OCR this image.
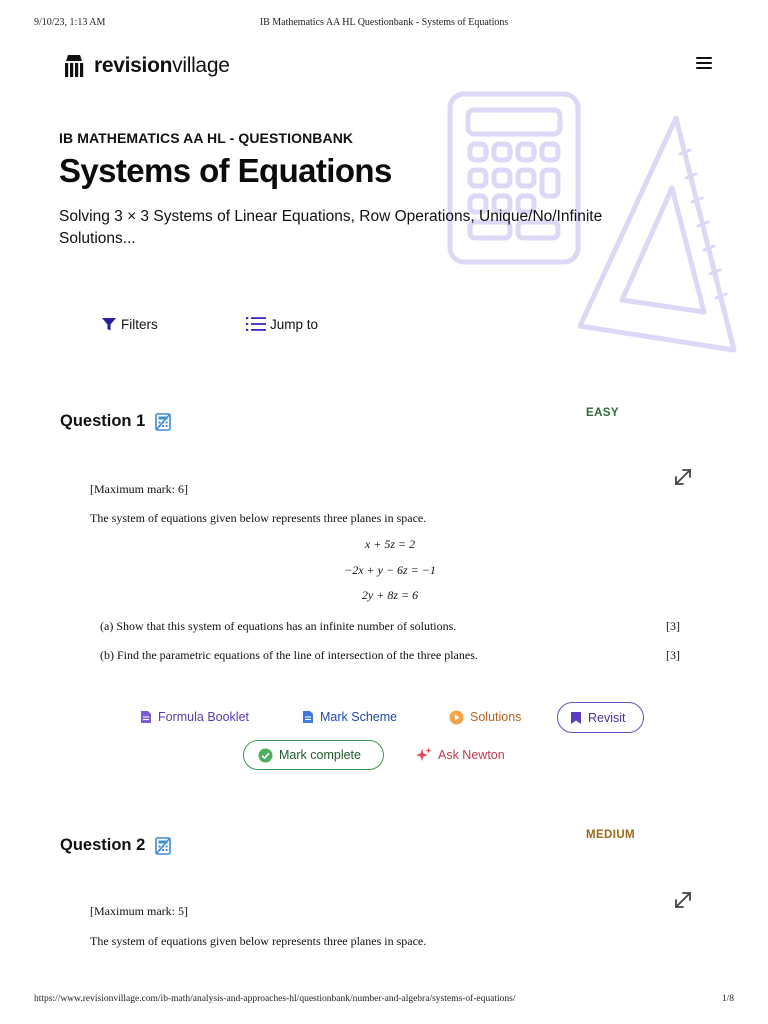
9/10/23, 1:13 AM	IB Mathematics AA HL Questionbank - Systems of Equations
revisionvillage
IB MATHEMATICS AA HL - QUESTIONBANK
Systems of Equations

Solving 3 × 3 Systems of Linear Equations, Row Operations, Unique/No/Infinite Solutions...

Filters	Jump to
Question 1	EASY
[Maximum mark: 6]
The system of equations given below represents three planes in space.
x + 5z = 2
−2x + y − 6z = −1
2y + 8z = 6
(a) Show that this system of equations has an infinite number of solutions.	[3]
(b) Find the parametric equations of the line of intersection of the three planes.	[3]
Formula Booklet	Mark Scheme	Solutions	Revisit
Mark complete	Ask Newton
Question 2
MEDIUM
[Maximum mark: 5]
The system of equations given below represents three planes in space.
https://www.revisionvillage.com/ib-math/analysis-and-approaches-hl/questionbank/number-and-algebra/systems-of-equations/	1/8
